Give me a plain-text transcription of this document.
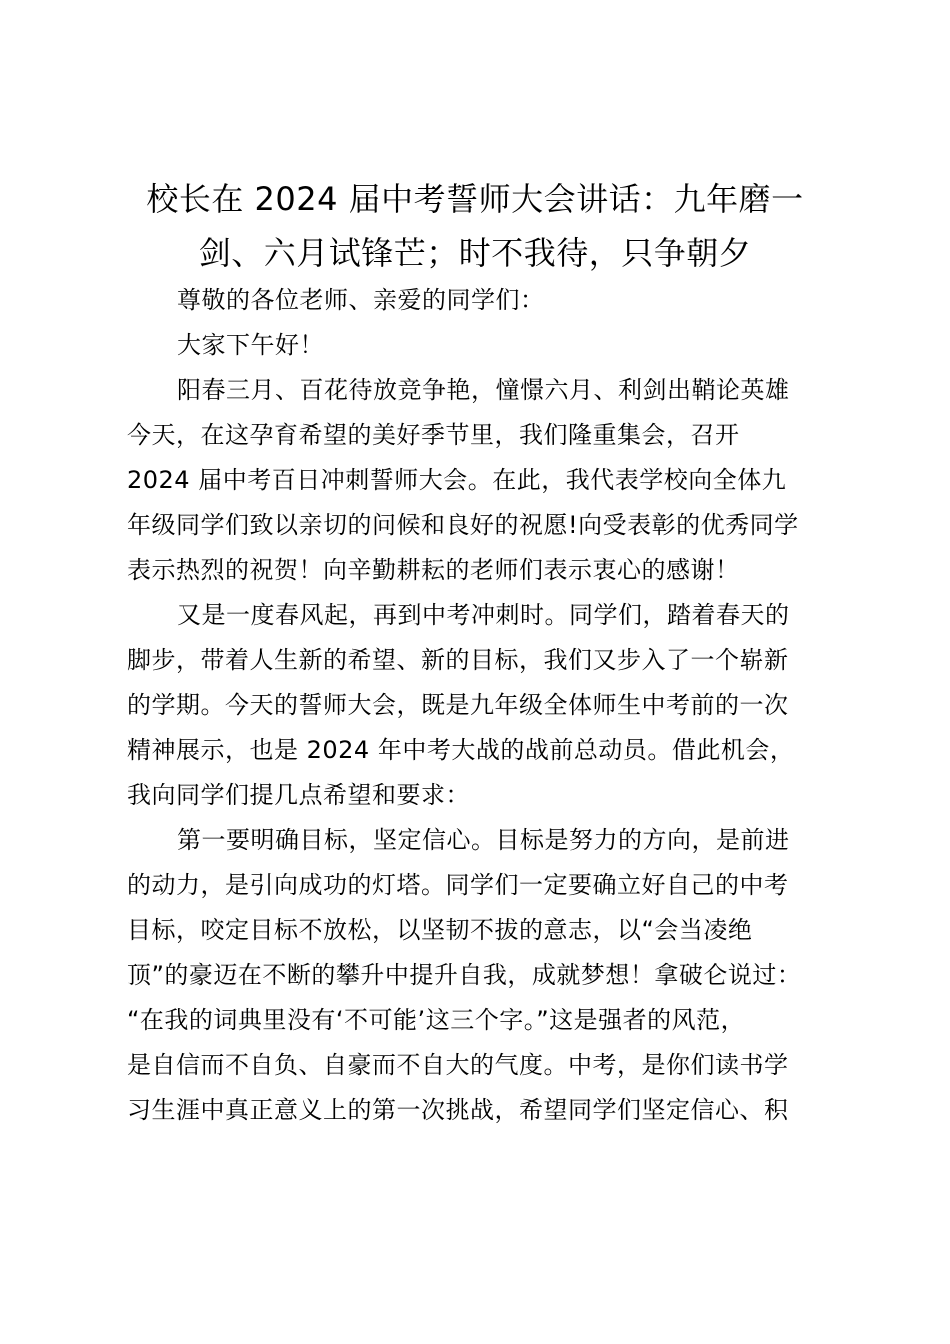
校长在 2024 届中考誓师大会讲话：九年磨一
剑、六月试锋芒；时不我待，只争朝夕
尊敬的各位老师、亲爱的同学们：
大家下午好！
阳春三月、百花待放竞争艳，憧憬六月、利剑出鞘论英雄
今天，在这孕育希望的美好季节里，我们隆重集会，召开
2024 届中考百日冲刺誓师大会。在此，我代表学校向全体九
年级同学们致以亲切的问候和良好的祝愿!向受表彰的优秀同学
表示热烈的祝贺！向辛勤耕耘的老师们表示衷心的感谢！
又是一度春风起，再到中考冲刺时。同学们，踏着春天的
脚步，带着人生新的希望、新的目标，我们又步入了一个崭新
的学期。今天的誓师大会，既是九年级全体师生中考前的一次
精神展示，也是 2024 年中考大战的战前总动员。借此机会，
我向同学们提几点希望和要求：
第一要明确目标，坚定信心。目标是努力的方向，是前进
的动力，是引向成功的灯塔。同学们一定要确立好自己的中考
目标，咬定目标不放松，以坚韧不拔的意志，以“会当凌绝
顶”的豪迈在不断的攀升中提升自我，成就梦想！拿破仑说过：
“在我的词典里没有‘不可能’这三个字。”这是强者的风范，
是自信而不自负、自豪而不自大的气度。中考，是你们读书学
习生涯中真正意义上的第一次挑战，希望同学们坚定信心、积
